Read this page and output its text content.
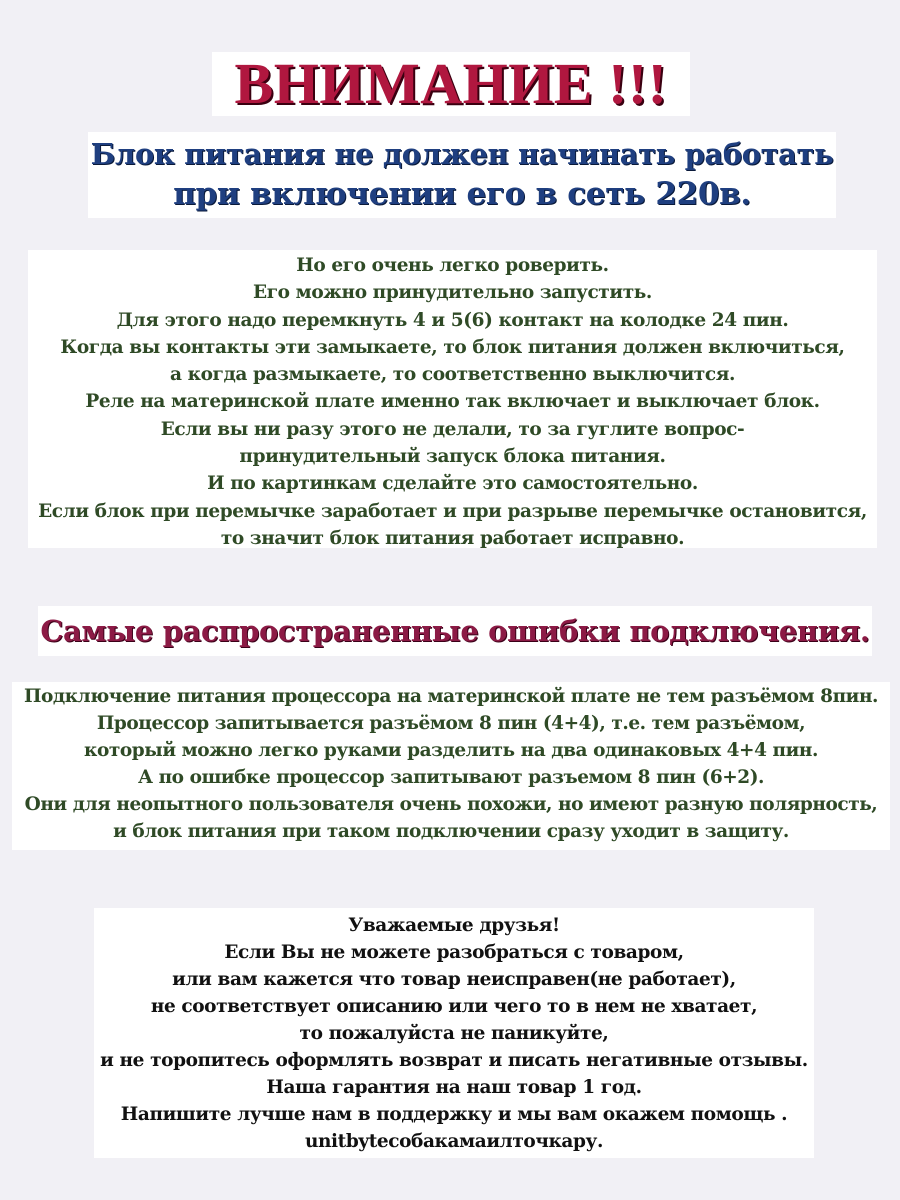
ВНИМАНИЕ !!!
Блок питания не должен начинать работать
при включении его в сеть 220в.
Но его очень легко роверить.
Его можно принудительно запустить.
Для этого надо перемкнуть 4 и 5(6) контакт на колодке 24 пин.
Когда вы контакты эти замыкаете, то блок питания должен включиться,
а когда размыкаете, то соответственно выключится.
Реле на материнской плате именно так включает и выключает блок.
Если вы ни разу этого не делали, то за гуглите вопрос-
принудительный запуск блока питания.
И по картинкам сделайте это самостоятельно.
Если блок при перемычке заработает и при разрыве перемычке остановится,
то значит блок питания работает исправно.
Самые распространенные ошибки подключения.
Подключение питания процессора на материнской плате не тем разъёмом 8пин.
Процессор запитывается разъёмом 8 пин (4+4), т.е. тем разъёмом,
который можно легко руками разделить на два одинаковых 4+4 пин.
А по ошибке процессор запитывают разъемом 8 пин (6+2).
Они для неопытного пользователя очень похожи, но имеют разную полярность,
и блок питания при таком подключении сразу уходит в защиту.
Уважаемые друзья!
Если Вы не можете разобраться с товаром,
или вам кажется что товар неисправен(не работает),
не соответствует описанию или чего то в нем не хватает,
то пожалуйста не паникуйте,
и не торопитесь оформлять возврат и писать негативные отзывы.
Наша гарантия на наш товар 1 год.
Напишите лучше нам в поддержку и мы вам окажем помощь .
unitbyteсобакамаилточкару.
